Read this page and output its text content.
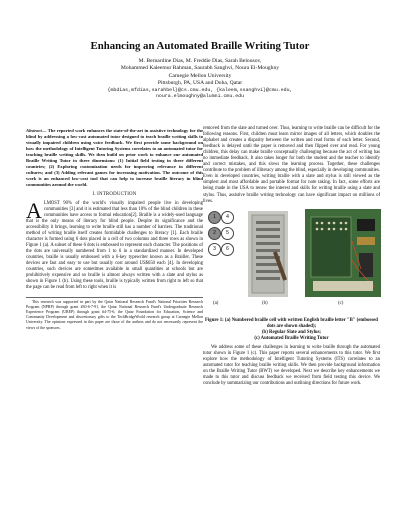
Enhancing an Automated Braille Writing Tutor

M. Bernardine Dias, M. Freddie Dias, Sarah Belousov,

Mohammed Kaleemur Rahman, Saurabh Sanghvi, Noura El-Moughny

Carnegie Mellon University

Pittsburgh, PA, USA and Doha, Qatar

{mbdias,mfdias,sarahbel}@cs.cmu.edu, {kaleem,ssanghvi}@cmu.edu,

noura.elmoughny@alumni.cmu.edu

Abstract— The reported work enhances the state-of-the-art in assistive technology for the blind by addressing a low-cost automated tutor designed to teach braille writing skills to visually impaired children using voice feedback. We first provide some background on how the methodology of Intelligent Tutoring Systems correlates to an automated tutor for teaching braille writing skills. We then build on prior work to enhance our automated Braille Writing Tutor in three dimensions: (1) Initial field testing in three different countries; (2) Exploring customization needs for improving relevance in different cultures; and (3) Adding relevant games for increasing motivation. The outcome of this work is an enhanced low-cost tool that can help to increase braille literacy in blind communities around the world.

I. INTRODUCTION

ALMOST 90% of the world's visually impaired people live in developing communities [3] and it is estimated that less than 10% of the blind children in these communities have access to formal education[2]. Braille is a widely-used language that is the only means of literacy for blind people. Despite its significance and the accessibility it brings, learning to write braille still has a number of barriers. The traditional method of writing braille itself creates formidable challenges to literacy [1]. Each braille character is formed using 6 dots placed in a cell of two columns and three rows as shown in Figure 1 (a). A subset of these 6 dots is embossed to represent each character. The positions of the dots are universally numbered from 1 to 6 in a standardized manner. In developed countries, braille is usually embossed with a 6-key typewriter known as a Brailler. These devices are fast and easy to use but usually cost around US$650 each [4]. In developing countries, such devices are sometimes available in small quantities at schools but are prohibitively expensive and so braille is almost always written with a slate and stylus as shown in Figure 1 (b). Using these tools, braille is typically written from right to left so that the page can be read from left to right when it is

This research was supported in part by the Qatar National Research Fund's National Priorities Research Program (NPRP) through grant #30-6-7-91, the Qatar National Research Fund's Undergraduate Research Experience Program (UREP) through grant #4-75-6, the Qatar Foundation for Education, Science and Community Development and discretionary gifts to the TechBridgeWorld research group at Carnegie Mellon University. The opinions expressed in this paper are those of the authors and do not necessarily represent the views of the sponsors.

removed from the slate and turned over. Thus, learning to write braille can be difficult for the following reasons. First, children must learn mirror images of all letters, which doubles the alphabet and creates a disparity between the written and read forms of each letter. Second, feedback is delayed until the paper is removed and then flipped over and read. For young children, this delay can make braille conceptually challenging because the act of writing has no immediate feedback. It also takes longer for both the student and the teacher to identify and correct mistakes, and this slows the learning process. Together, these challenges contribute to the problem of illiteracy among the blind, especially in developing communities. Even in developed countries, writing braille with a slate and stylus is still viewed as the simplest and most affordable and portable format for note taking. In fact, some efforts are being made in the USA to renew the interest and skills for writing braille using a slate and stylus. Thus, assistive braille writing technology can have significant impact on millions of lives.

1	4
2	5
3	6
(a)	(b)	(c)
Figure 1: (a) Numbered braille cell with written English braille letter "B" (embossed dots are shown shaded);
(b) Regular Slate and Stylus;
(c) Automated Braille Writing Tutor

We address some of these challenges in learning to write braille through the automated tutor shown in Figure 1 (c). This paper reports several enhancements to this tutor. We first explore how the methodology of Intelligent Tutoring Systems (ITS) correlates to an automated tutor for teaching braille writing skills. We then provide background information on the Braille Writing Tutor (BWT) we developed. Next we describe key enhancements we made to this tutor and discuss feedback we received from field testing this device. We conclude by summarizing our contributions and outlining directions for future work.
